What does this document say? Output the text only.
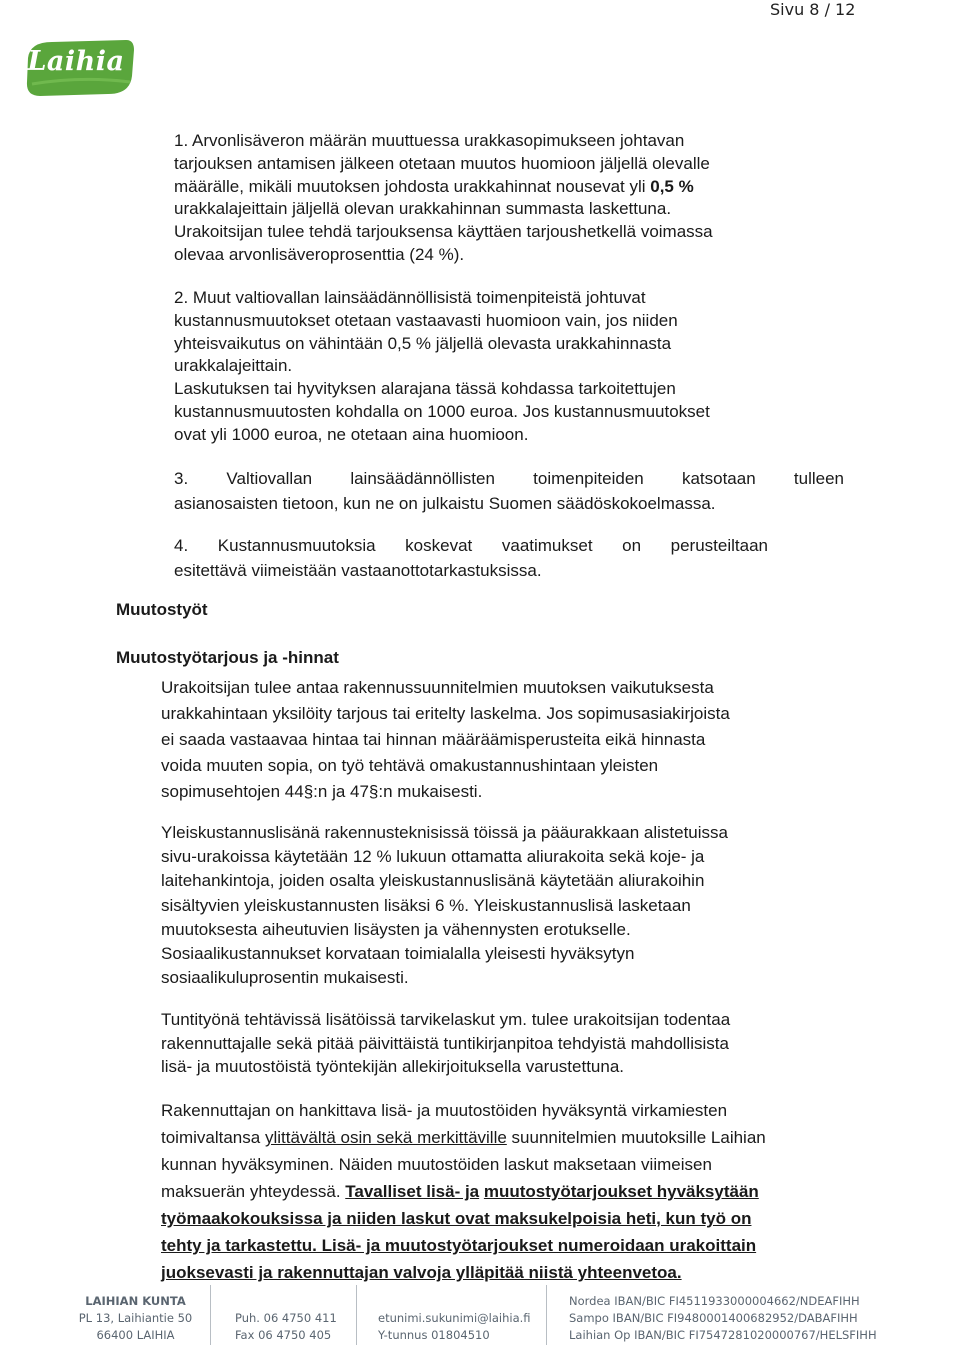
Sivu 8 / 12
Laihia
1. Arvonlisäveron määrän muuttuessa urakkasopimukseen johtavan
tarjouksen antamisen jälkeen otetaan muutos huomioon jäljellä olevalle
määrälle, mikäli muutoksen johdosta urakkahinnat nousevat yli 0,5 %
urakkalajeittain jäljellä olevan urakkahinnan summasta laskettuna.
Urakoitsijan tulee tehdä tarjouksensa käyttäen tarjoushetkellä voimassa
olevaa arvonlisäveroprosenttia (24 %).
2. Muut valtiovallan lainsäädännöllisistä toimenpiteistä johtuvat
kustannusmuutokset otetaan vastaavasti huomioon vain, jos niiden
yhteisvaikutus on vähintään 0,5 % jäljellä olevasta urakkahinnasta
urakkalajeittain.
Laskutuksen tai hyvityksen alarajana tässä kohdassa tarkoitettujen
kustannusmuutosten kohdalla on 1000 euroa. Jos kustannusmuutokset
ovat yli 1000 euroa, ne otetaan aina huomioon.
3. Valtiovallan lainsäädännöllisten toimenpiteiden katsotaan tulleen
asianosaisten tietoon, kun ne on julkaistu Suomen säädöskokoelmassa.
4. Kustannusmuutoksia koskevat vaatimukset on perusteiltaan
esitettävä viimeistään vastaanottotarkastuksissa.
Muutostyöt
Muutostyötarjous ja -hinnat
Urakoitsijan tulee antaa rakennussuunnitelmien muutoksen vaikutuksesta
urakkahintaan yksilöity tarjous tai eritelty laskelma. Jos sopimusasiakirjoista
ei saada vastaavaa hintaa tai hinnan määräämisperusteita eikä hinnasta
voida muuten sopia, on työ tehtävä omakustannushintaan yleisten
sopimusehtojen 44§:n ja 47§:n mukaisesti.
Yleiskustannuslisänä rakennusteknisissä töissä ja pääurakkaan alistetuissa
sivu-urakoissa käytetään 12 % lukuun ottamatta aliurakoita sekä koje- ja
laitehankintoja, joiden osalta yleiskustannuslisänä käytetään aliurakoihin
sisältyvien yleiskustannusten lisäksi 6 %. Yleiskustannuslisä lasketaan
muutoksesta aiheutuvien lisäysten ja vähennysten erotukselle.
Sosiaalikustannukset korvataan toimialalla yleisesti hyväksytyn
sosiaalikuluprosentin mukaisesti.
Tuntityönä tehtävissä lisätöissä tarvikelaskut ym. tulee urakoitsijan todentaa
rakennuttajalle sekä pitää päivittäistä tuntikirjanpitoa tehdyistä mahdollisista
lisä- ja muutostöistä työntekijän allekirjoituksella varustettuna.
Rakennuttajan on hankittava lisä- ja muutostöiden hyväksyntä virkamiesten
toimivaltansa ylittävältä osin sekä merkittäville suunnitelmien muutoksille Laihian
kunnan hyväksyminen. Näiden muutostöiden laskut maksetaan viimeisen
maksuerän yhteydessä. Tavalliset lisä- ja muutostyötarjoukset hyväksytään
työmaakokouksissa ja niiden laskut ovat maksukelpoisia heti, kun työ on
tehty ja tarkastettu. Lisä- ja muutostyötarjoukset numeroidaan urakoittain
juoksevasti ja rakennuttajan valvoja ylläpitää niistä yhteenvetoa.
LAIHIAN KUNTA
PL 13, Laihiantie 50
66400 LAIHIA
Puh. 06 4750 411
Fax 06 4750 405
etunimi.sukunimi@laihia.fi
Y-tunnus 01804510
Nordea IBAN/BIC FI4511933000004662/NDEAFIHH
Sampo IBAN/BIC FI9480001400682952/DABAFIHH
Laihian Op IBAN/BIC FI7547281020000767/HELSFIHH
